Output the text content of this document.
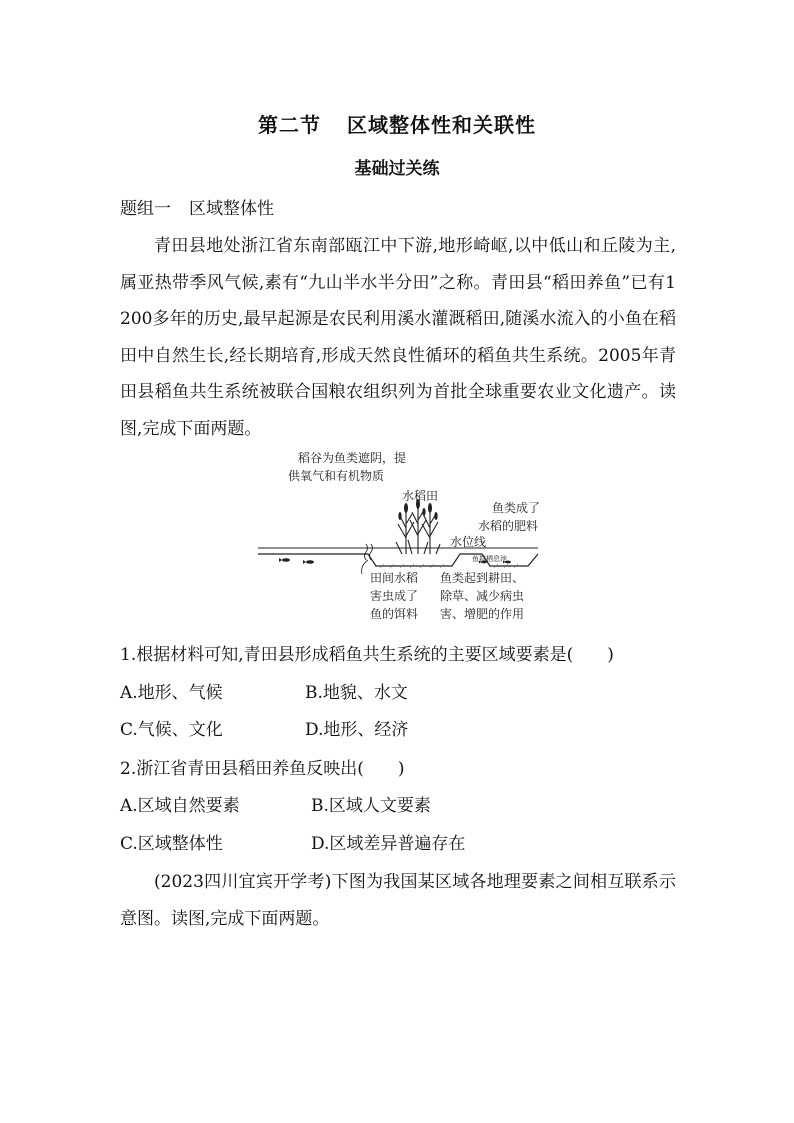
第二节 区域整体性和关联性
基础过关练
题组一 区域整体性

青田县地处浙江省东南部瓯江中下游,地形崎岖,以中低山和丘陵为主,属亚热带季风气候,素有“九山半水半分田”之称。青田县“稻田养鱼”已有1 200多年的历史,最早起源是农民利用溪水灌溉稻田,随溪水流入的小鱼在稻田中自然生长,经长期培育,形成天然良性循环的稻鱼共生系统。2005年青田县稻鱼共生系统被联合国粮农组织列为首批全球重要农业文化遗产。读图,完成下面两题。

稻谷为鱼类遮阴，提
供氧气和有机物质
水稻田
鱼类成了
水稻的肥料
水位线
鱼群栖息池
田间水稻
害虫成了
鱼的饵料
鱼类起到耕田、
除草、减少病虫
害、增肥的作用
1.根据材料可知,青田县形成稻鱼共生系统的主要区域要素是(　　)
A.地形、气候	B.地貌、水文
C.气候、文化	D.地形、经济
2.浙江省青田县稻田养鱼反映出(　　)
A.区域自然要素	B.区域人文要素
C.区域整体性	D.区域差异普遍存在

(2023四川宜宾开学考)下图为我国某区域各地理要素之间相互联系示意图。读图,完成下面两题。
